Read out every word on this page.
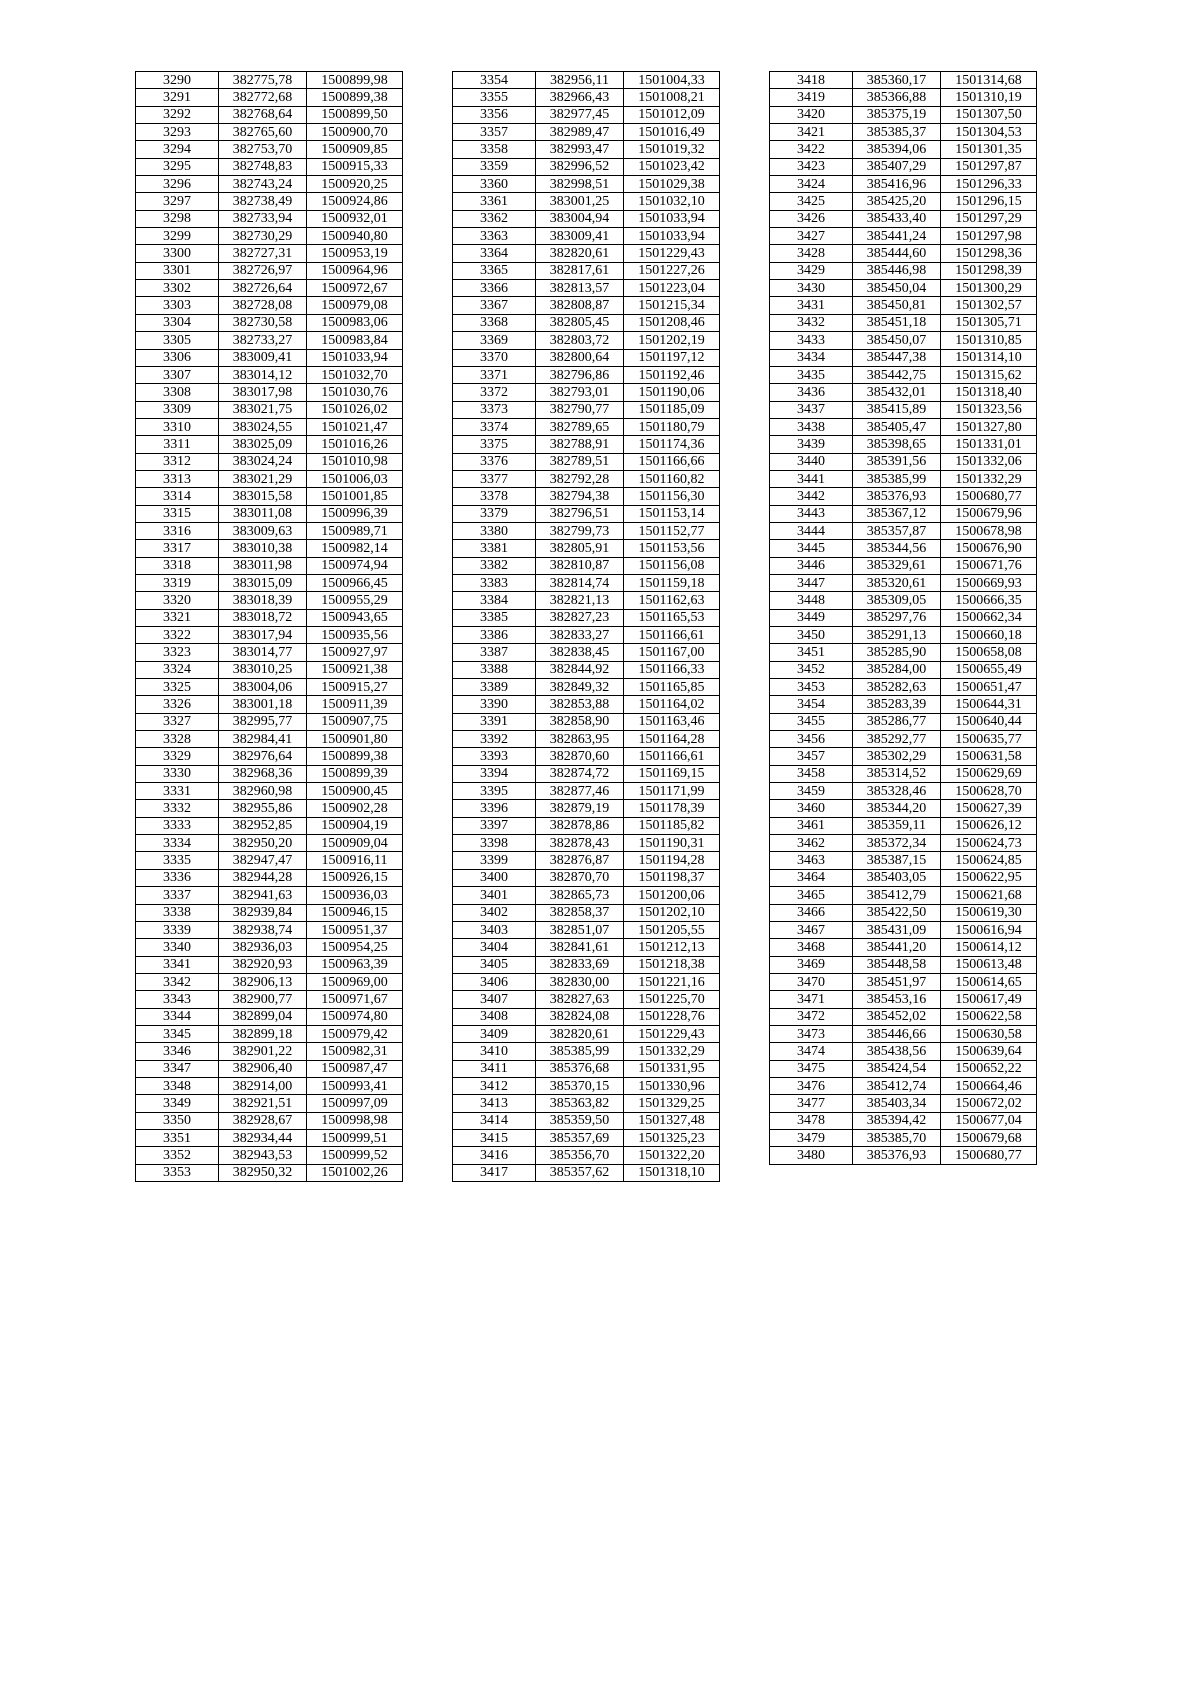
3290	382775,78	1500899,98
3291	382772,68	1500899,38
3292	382768,64	1500899,50
3293	382765,60	1500900,70
3294	382753,70	1500909,85
3295	382748,83	1500915,33
3296	382743,24	1500920,25
3297	382738,49	1500924,86
3298	382733,94	1500932,01
3299	382730,29	1500940,80
3300	382727,31	1500953,19
3301	382726,97	1500964,96
3302	382726,64	1500972,67
3303	382728,08	1500979,08
3304	382730,58	1500983,06
3305	382733,27	1500983,84
3306	383009,41	1501033,94
3307	383014,12	1501032,70
3308	383017,98	1501030,76
3309	383021,75	1501026,02
3310	383024,55	1501021,47
3311	383025,09	1501016,26
3312	383024,24	1501010,98
3313	383021,29	1501006,03
3314	383015,58	1501001,85
3315	383011,08	1500996,39
3316	383009,63	1500989,71
3317	383010,38	1500982,14
3318	383011,98	1500974,94
3319	383015,09	1500966,45
3320	383018,39	1500955,29
3321	383018,72	1500943,65
3322	383017,94	1500935,56
3323	383014,77	1500927,97
3324	383010,25	1500921,38
3325	383004,06	1500915,27
3326	383001,18	1500911,39
3327	382995,77	1500907,75
3328	382984,41	1500901,80
3329	382976,64	1500899,38
3330	382968,36	1500899,39
3331	382960,98	1500900,45
3332	382955,86	1500902,28
3333	382952,85	1500904,19
3334	382950,20	1500909,04
3335	382947,47	1500916,11
3336	382944,28	1500926,15
3337	382941,63	1500936,03
3338	382939,84	1500946,15
3339	382938,74	1500951,37
3340	382936,03	1500954,25
3341	382920,93	1500963,39
3342	382906,13	1500969,00
3343	382900,77	1500971,67
3344	382899,04	1500974,80
3345	382899,18	1500979,42
3346	382901,22	1500982,31
3347	382906,40	1500987,47
3348	382914,00	1500993,41
3349	382921,51	1500997,09
3350	382928,67	1500998,98
3351	382934,44	1500999,51
3352	382943,53	1500999,52
3353	382950,32	1501002,26
3354	382956,11	1501004,33
3355	382966,43	1501008,21
3356	382977,45	1501012,09
3357	382989,47	1501016,49
3358	382993,47	1501019,32
3359	382996,52	1501023,42
3360	382998,51	1501029,38
3361	383001,25	1501032,10
3362	383004,94	1501033,94
3363	383009,41	1501033,94
3364	382820,61	1501229,43
3365	382817,61	1501227,26
3366	382813,57	1501223,04
3367	382808,87	1501215,34
3368	382805,45	1501208,46
3369	382803,72	1501202,19
3370	382800,64	1501197,12
3371	382796,86	1501192,46
3372	382793,01	1501190,06
3373	382790,77	1501185,09
3374	382789,65	1501180,79
3375	382788,91	1501174,36
3376	382789,51	1501166,66
3377	382792,28	1501160,82
3378	382794,38	1501156,30
3379	382796,51	1501153,14
3380	382799,73	1501152,77
3381	382805,91	1501153,56
3382	382810,87	1501156,08
3383	382814,74	1501159,18
3384	382821,13	1501162,63
3385	382827,23	1501165,53
3386	382833,27	1501166,61
3387	382838,45	1501167,00
3388	382844,92	1501166,33
3389	382849,32	1501165,85
3390	382853,88	1501164,02
3391	382858,90	1501163,46
3392	382863,95	1501164,28
3393	382870,60	1501166,61
3394	382874,72	1501169,15
3395	382877,46	1501171,99
3396	382879,19	1501178,39
3397	382878,86	1501185,82
3398	382878,43	1501190,31
3399	382876,87	1501194,28
3400	382870,70	1501198,37
3401	382865,73	1501200,06
3402	382858,37	1501202,10
3403	382851,07	1501205,55
3404	382841,61	1501212,13
3405	382833,69	1501218,38
3406	382830,00	1501221,16
3407	382827,63	1501225,70
3408	382824,08	1501228,76
3409	382820,61	1501229,43
3410	385385,99	1501332,29
3411	385376,68	1501331,95
3412	385370,15	1501330,96
3413	385363,82	1501329,25
3414	385359,50	1501327,48
3415	385357,69	1501325,23
3416	385356,70	1501322,20
3417	385357,62	1501318,10
3418	385360,17	1501314,68
3419	385366,88	1501310,19
3420	385375,19	1501307,50
3421	385385,37	1501304,53
3422	385394,06	1501301,35
3423	385407,29	1501297,87
3424	385416,96	1501296,33
3425	385425,20	1501296,15
3426	385433,40	1501297,29
3427	385441,24	1501297,98
3428	385444,60	1501298,36
3429	385446,98	1501298,39
3430	385450,04	1501300,29
3431	385450,81	1501302,57
3432	385451,18	1501305,71
3433	385450,07	1501310,85
3434	385447,38	1501314,10
3435	385442,75	1501315,62
3436	385432,01	1501318,40
3437	385415,89	1501323,56
3438	385405,47	1501327,80
3439	385398,65	1501331,01
3440	385391,56	1501332,06
3441	385385,99	1501332,29
3442	385376,93	1500680,77
3443	385367,12	1500679,96
3444	385357,87	1500678,98
3445	385344,56	1500676,90
3446	385329,61	1500671,76
3447	385320,61	1500669,93
3448	385309,05	1500666,35
3449	385297,76	1500662,34
3450	385291,13	1500660,18
3451	385285,90	1500658,08
3452	385284,00	1500655,49
3453	385282,63	1500651,47
3454	385283,39	1500644,31
3455	385286,77	1500640,44
3456	385292,77	1500635,77
3457	385302,29	1500631,58
3458	385314,52	1500629,69
3459	385328,46	1500628,70
3460	385344,20	1500627,39
3461	385359,11	1500626,12
3462	385372,34	1500624,73
3463	385387,15	1500624,85
3464	385403,05	1500622,95
3465	385412,79	1500621,68
3466	385422,50	1500619,30
3467	385431,09	1500616,94
3468	385441,20	1500614,12
3469	385448,58	1500613,48
3470	385451,97	1500614,65
3471	385453,16	1500617,49
3472	385452,02	1500622,58
3473	385446,66	1500630,58
3474	385438,56	1500639,64
3475	385424,54	1500652,22
3476	385412,74	1500664,46
3477	385403,34	1500672,02
3478	385394,42	1500677,04
3479	385385,70	1500679,68
3480	385376,93	1500680,77
